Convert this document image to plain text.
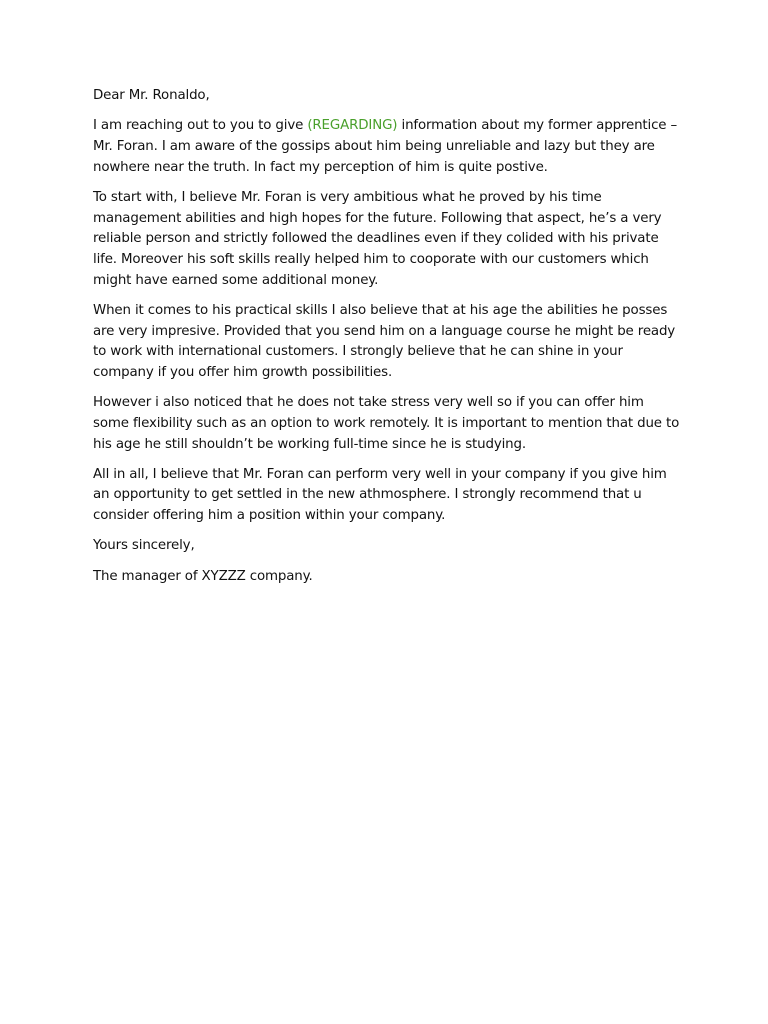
Dear Mr. Ronaldo,

I am reaching out to you to give (REGARDING) information about my former apprentice – Mr. Foran. I am aware of the gossips about him being unreliable and lazy but they are nowhere near the truth. In fact my perception of him is quite postive.

To start with, I believe Mr. Foran is very ambitious what he proved by his time management abilities and high hopes for the future. Following that aspect, he’s a very reliable person and strictly followed the deadlines even if they colided with his private life. Moreover his soft skills really helped him to cooporate with our customers which might have earned some additional money.

When it comes to his practical skills I also believe that at his age the abilities he posses are very impresive. Provided that you send him on a language course he might be ready to work with international customers. I strongly believe that he can shine in your company if you offer him growth possibilities.

However i also noticed that he does not take stress very well so if you can offer him some flexibility such as an option to work remotely. It is important to mention that due to his age he still shouldn’t be working full-time since he is studying.

All in all, I believe that Mr. Foran can perform very well in your company if you give him an opportunity to get settled in the new athmosphere. I strongly recommend that u consider offering him a position within your company.

Yours sincerely,

The manager of XYZZZ company.
